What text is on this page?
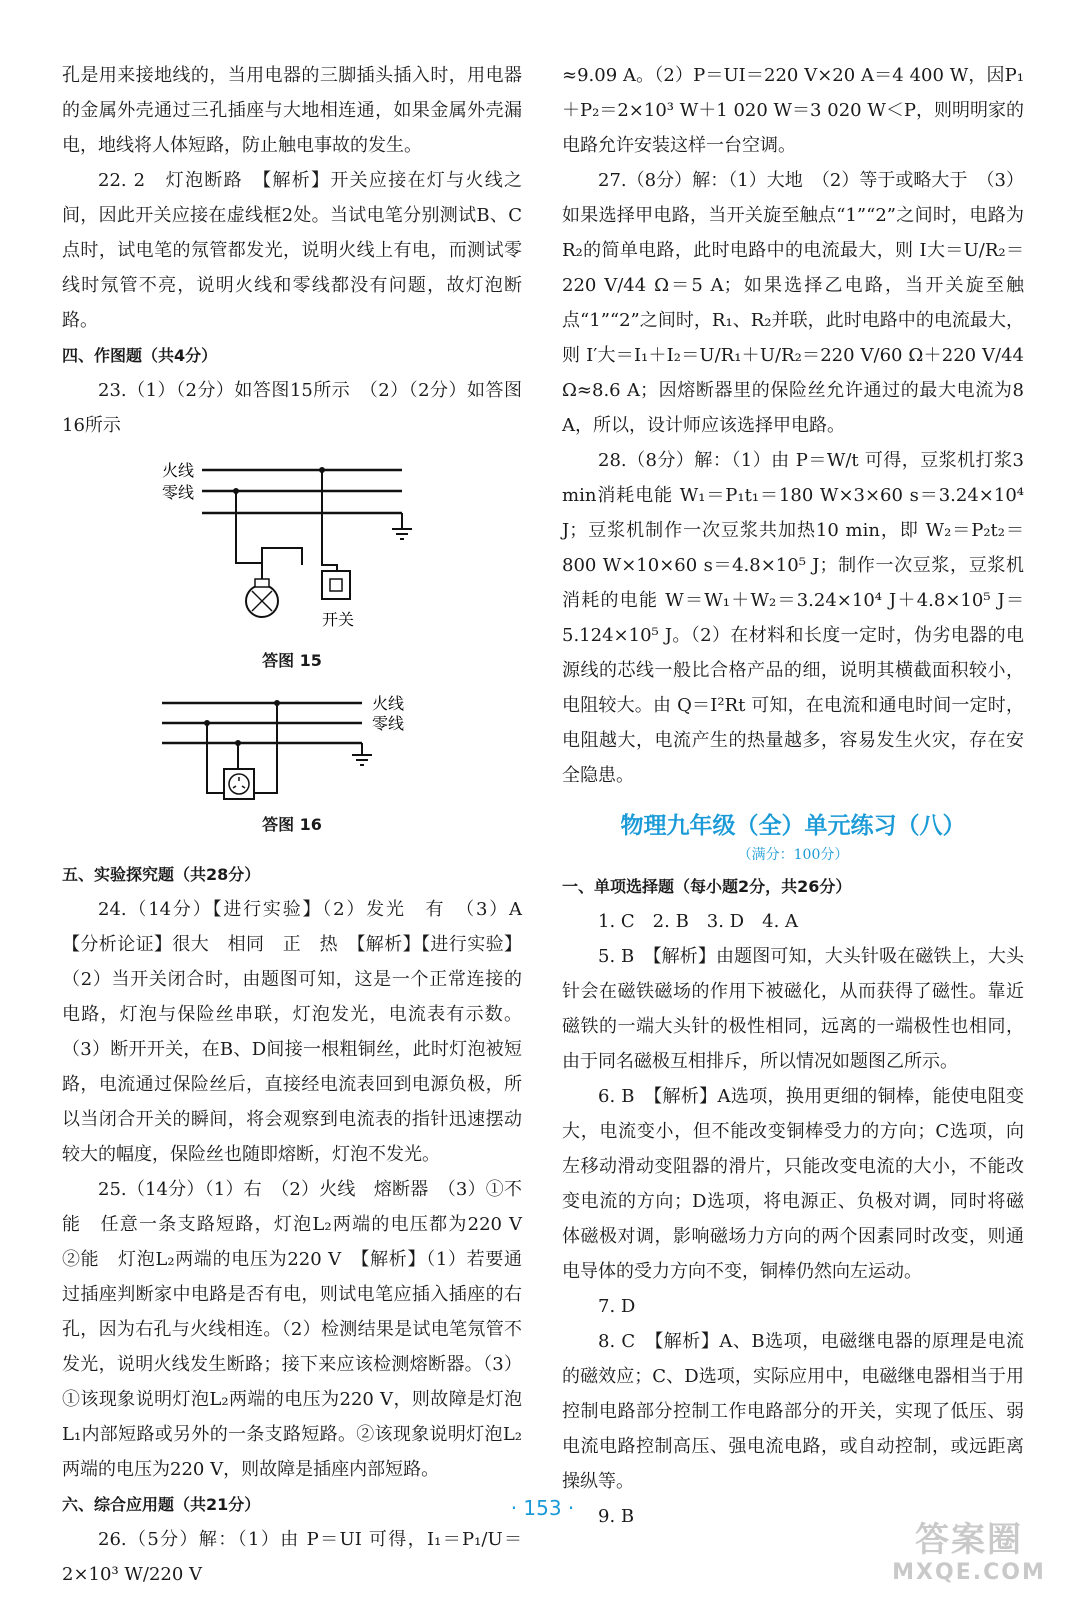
孔是用来接地线的，当用电器的三脚插头插入时，用电器的金属外壳通过三孔插座与大地相连通，如果金属外壳漏电，地线将人体短路，防止触电事故的发生。

22. 2　灯泡断路　【解析】开关应接在灯与火线之间，因此开关应接在虚线框2处。当试电笔分别测试B、C点时，试电笔的氖管都发光，说明火线上有电，而测试零线时氖管不亮，说明火线和零线都没有问题，故灯泡断路。

四、作图题（共4分）

23.（1）（2分）如答图15所示　（2）（2分）如答图16所示

火线
零线
开关
答图 15
火线
零线
答图 16
五、实验探究题（共28分）

24.（14分）【进行实验】（2）发光　有　（3）A　【分析论证】很大　相同　正　热　【解析】【进行实验】（2）当开关闭合时，由题图可知，这是一个正常连接的电路，灯泡与保险丝串联，灯泡发光，电流表有示数。（3）断开开关，在B、D间接一根粗铜丝，此时灯泡被短路，电流通过保险丝后，直接经电流表回到电源负极，所以当闭合开关的瞬间，将会观察到电流表的指针迅速摆动较大的幅度，保险丝也随即熔断，灯泡不发光。

25.（14分）（1）右　（2）火线　熔断器　（3）①不能　任意一条支路短路，灯泡L₂两端的电压都为220 V　②能　灯泡L₂两端的电压为220 V　【解析】（1）若要通过插座判断家中电路是否有电，则试电笔应插入插座的右孔，因为右孔与火线相连。（2）检测结果是试电笔氖管不发光，说明火线发生断路；接下来应该检测熔断器。（3）①该现象说明灯泡L₂两端的电压为220 V，则故障是灯泡L₁内部短路或另外的一条支路短路。②该现象说明灯泡L₂两端的电压为220 V，则故障是插座内部短路。

六、综合应用题（共21分）

26.（5分）解：（1）由 P＝UI 可得，I₁＝P₁/U＝2×10³ W/220 V

≈9.09 A。（2）P＝UI＝220 V×20 A＝4 400 W，因P₁＋P₂＝2×10³ W＋1 020 W＝3 020 W＜P，则明明家的电路允许安装这样一台空调。

27.（8分）解：（1）大地　（2）等于或略大于　（3）如果选择甲电路，当开关旋至触点“1”“2”之间时，电路为R₂的简单电路，此时电路中的电流最大，则 I大＝U/R₂＝220 V/44 Ω＝5 A；如果选择乙电路，当开关旋至触点“1”“2”之间时，R₁、R₂并联，此时电路中的电流最大，则 I′大＝I₁＋I₂＝U/R₁＋U/R₂＝220 V/60 Ω＋220 V/44 Ω≈8.6 A；因熔断器里的保险丝允许通过的最大电流为8 A，所以，设计师应该选择甲电路。

28.（8分）解：（1）由 P＝W/t 可得，豆浆机打浆3 min消耗电能 W₁＝P₁t₁＝180 W×3×60 s＝3.24×10⁴ J；豆浆机制作一次豆浆共加热10 min，即 W₂＝P₂t₂＝800 W×10×60 s＝4.8×10⁵ J；制作一次豆浆，豆浆机消耗的电能 W＝W₁＋W₂＝3.24×10⁴ J＋4.8×10⁵ J＝5.124×10⁵ J。（2）在材料和长度一定时，伪劣电器的电源线的芯线一般比合格产品的细，说明其横截面积较小，电阻较大。由 Q＝I²Rt 可知，在电流和通电时间一定时，电阻越大，电流产生的热量越多，容易发生火灾，存在安全隐患。

物理九年级（全）单元练习（八）
（满分：100分）
一、单项选择题（每小题2分，共26分）

1. C　2. B　3. D　4. A

5. B　【解析】由题图可知，大头针吸在磁铁上，大头针会在磁铁磁场的作用下被磁化，从而获得了磁性。靠近磁铁的一端大头针的极性相同，远离的一端极性也相同，由于同名磁极互相排斥，所以情况如题图乙所示。

6. B　【解析】A选项，换用更细的铜棒，能使电阻变大，电流变小，但不能改变铜棒受力的方向；C选项，向左移动滑动变阻器的滑片，只能改变电流的大小，不能改变电流的方向；D选项，将电源正、负极对调，同时将磁体磁极对调，影响磁场力方向的两个因素同时改变，则通电导体的受力方向不变，铜棒仍然向左运动。

7. D

8. C　【解析】A、B选项，电磁继电器的原理是电流的磁效应；C、D选项，实际应用中，电磁继电器相当于用控制电路部分控制工作电路部分的开关，实现了低压、弱电流电路控制高压、强电流电路，或自动控制，或远距离操纵等。

9. B

· 153 ·
答案圈
MXQE.COM
